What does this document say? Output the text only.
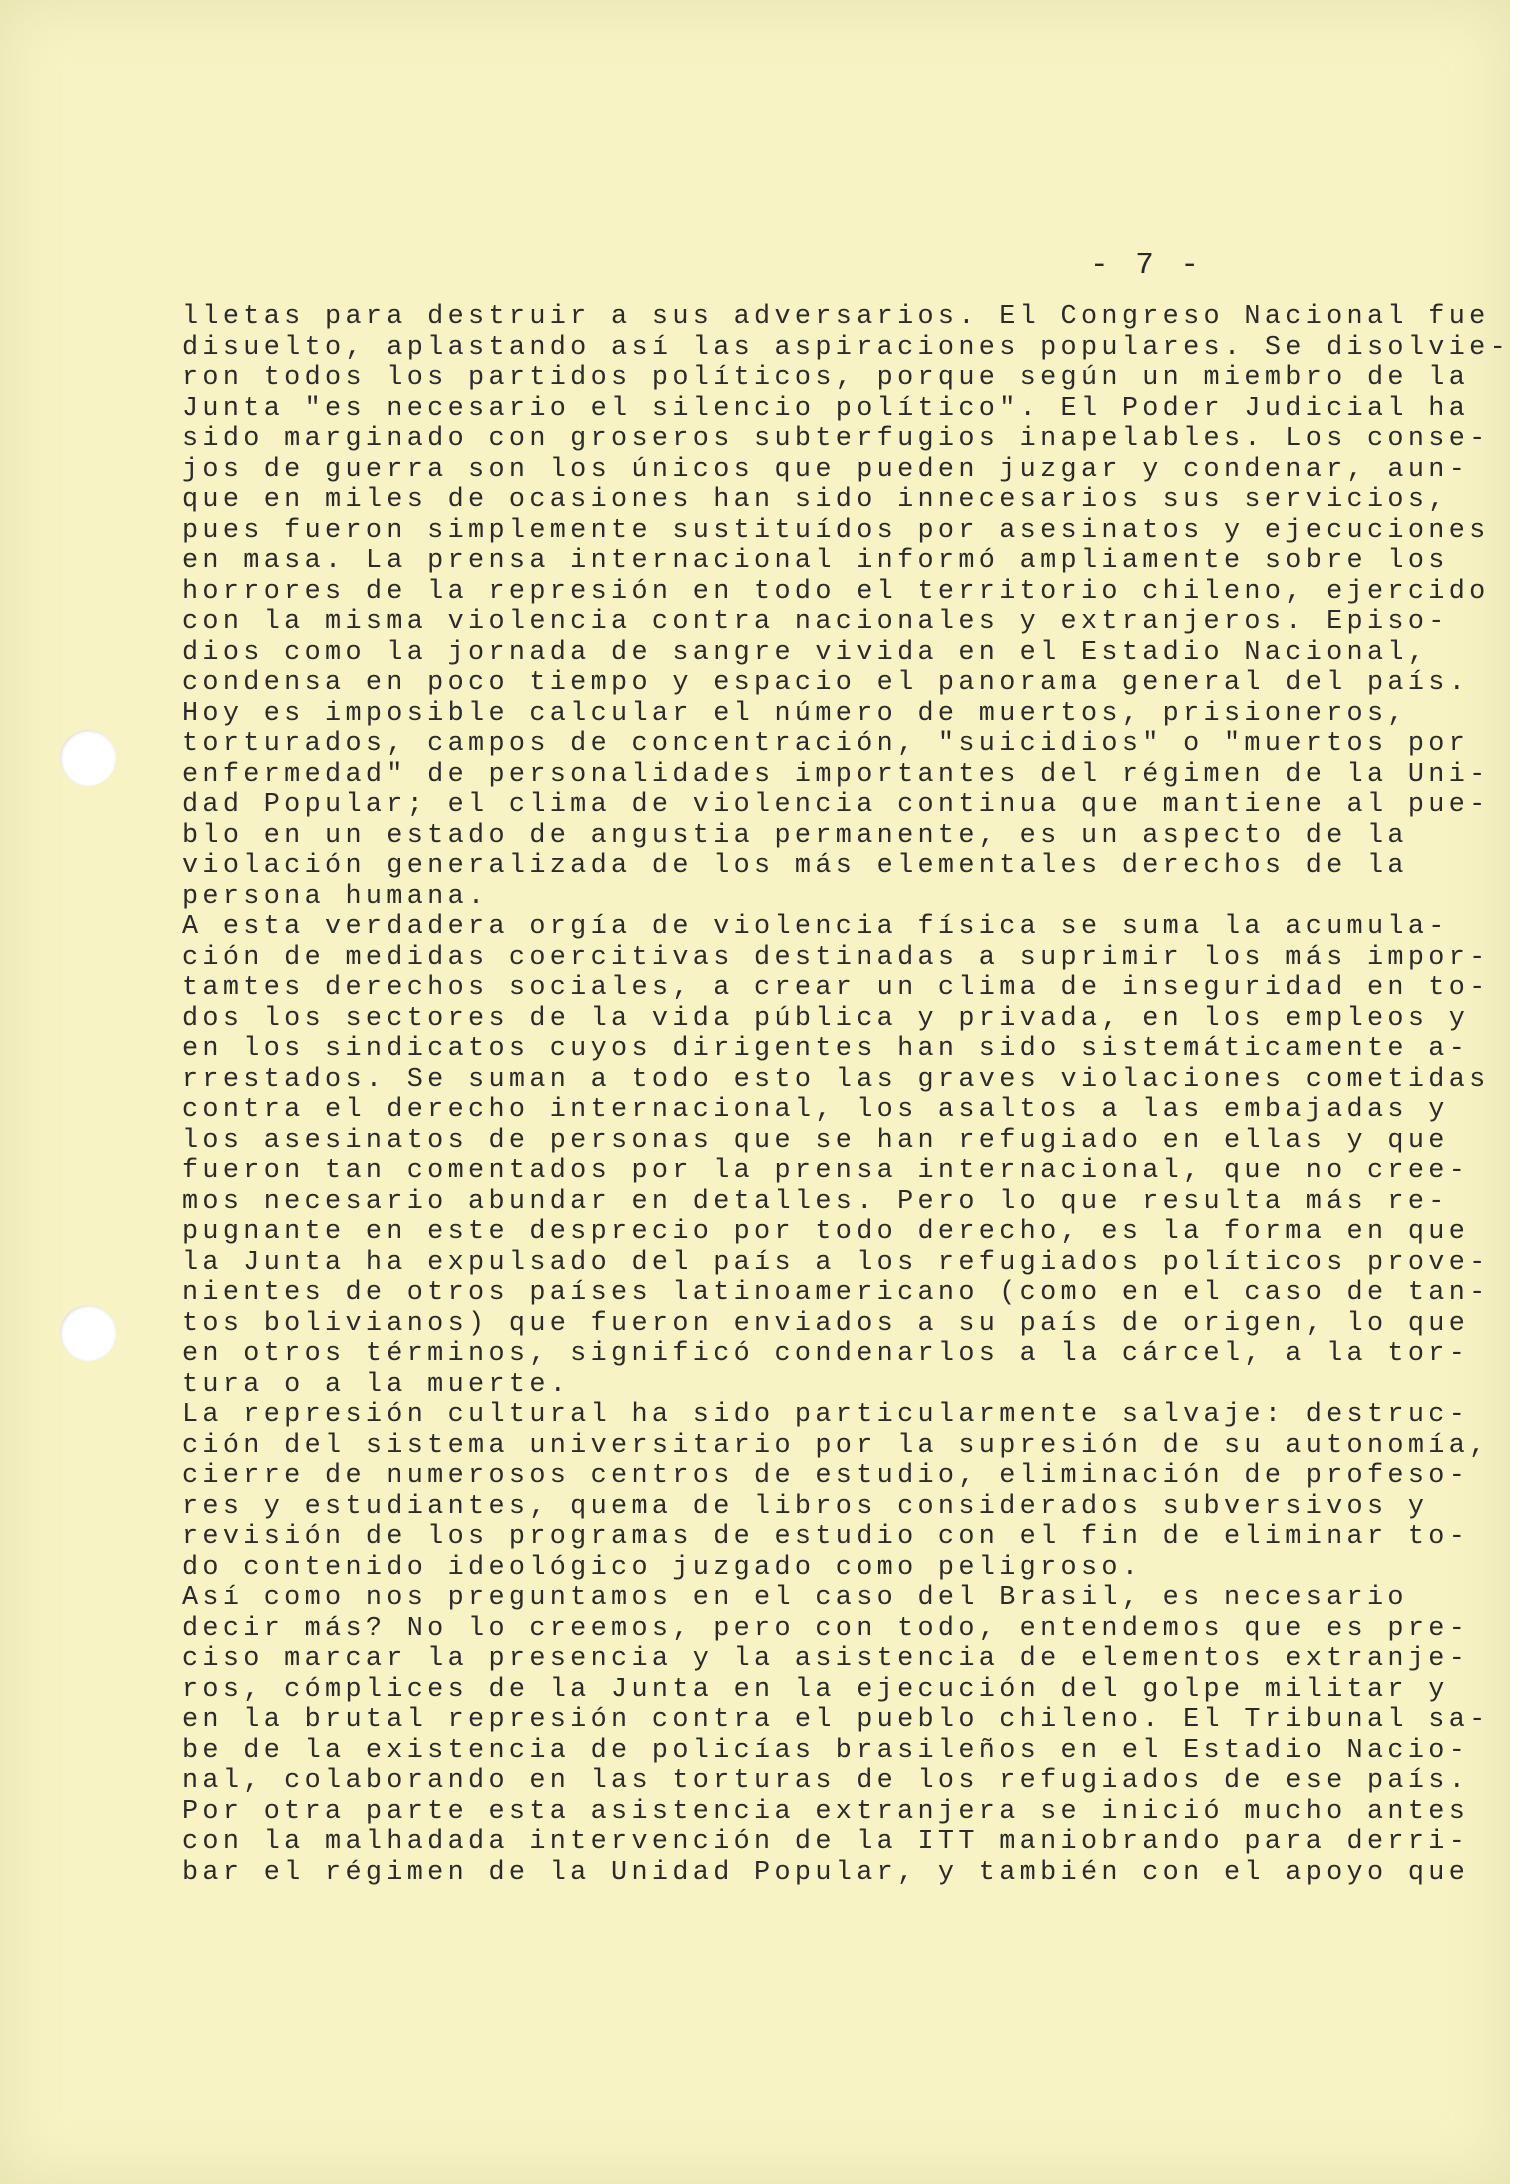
- 7 -
lletas para destruir a sus adversarios. El Congreso Nacional fue
disuelto, aplastando así las aspiraciones populares. Se disolvie-
ron todos los partidos políticos, porque según un miembro de la
Junta "es necesario el silencio político". El Poder Judicial ha
sido marginado con groseros subterfugios inapelables. Los conse-
jos de guerra son los únicos que pueden juzgar y condenar, aun-
que en miles de ocasiones han sido innecesarios sus servicios,
pues fueron simplemente sustituídos por asesinatos y ejecuciones
en masa. La prensa internacional informó ampliamente sobre los
horrores de la represión en todo el territorio chileno, ejercido
con la misma violencia contra nacionales y extranjeros. Episo-
dios como la jornada de sangre vivida en el Estadio Nacional,
condensa en poco tiempo y espacio el panorama general del país.
Hoy es imposible calcular el número de muertos, prisioneros,
torturados, campos de concentración, "suicidios" o "muertos por
enfermedad" de personalidades importantes del régimen de la Uni-
dad Popular; el clima de violencia continua que mantiene al pue-
blo en un estado de angustia permanente, es un aspecto de la
violación generalizada de los más elementales derechos de la
persona humana.
A esta verdadera orgía de violencia física se suma la acumula-
ción de medidas coercitivas destinadas a suprimir los más impor-
tamtes derechos sociales, a crear un clima de inseguridad en to-
dos los sectores de la vida pública y privada, en los empleos y
en los sindicatos cuyos dirigentes han sido sistemáticamente a-
rrestados. Se suman a todo esto las graves violaciones cometidas
contra el derecho internacional, los asaltos a las embajadas y
los asesinatos de personas que se han refugiado en ellas y que
fueron tan comentados por la prensa internacional, que no cree-
mos necesario abundar en detalles. Pero lo que resulta más re-
pugnante en este desprecio por todo derecho, es la forma en que
la Junta ha expulsado del país a los refugiados políticos prove-
nientes de otros países latinoamericano (como en el caso de tan-
tos bolivianos) que fueron enviados a su país de origen, lo que
en otros términos, significó condenarlos a la cárcel, a la tor-
tura o a la muerte.
La represión cultural ha sido particularmente salvaje: destruc-
ción del sistema universitario por la supresión de su autonomía,
cierre de numerosos centros de estudio, eliminación de profeso-
res y estudiantes, quema de libros considerados subversivos y
revisión de los programas de estudio con el fin de eliminar to-
do contenido ideológico juzgado como peligroso.
Así como nos preguntamos en el caso del Brasil, es necesario
decir más? No lo creemos, pero con todo, entendemos que es pre-
ciso marcar la presencia y la asistencia de elementos extranje-
ros, cómplices de la Junta en la ejecución del golpe militar y
en la brutal represión contra el pueblo chileno. El Tribunal sa-
be de la existencia de policías brasileños en el Estadio Nacio-
nal, colaborando en las torturas de los refugiados de ese país.
Por otra parte esta asistencia extranjera se inició mucho antes
con la malhadada intervención de la ITT maniobrando para derri-
bar el régimen de la Unidad Popular, y también con el apoyo que
